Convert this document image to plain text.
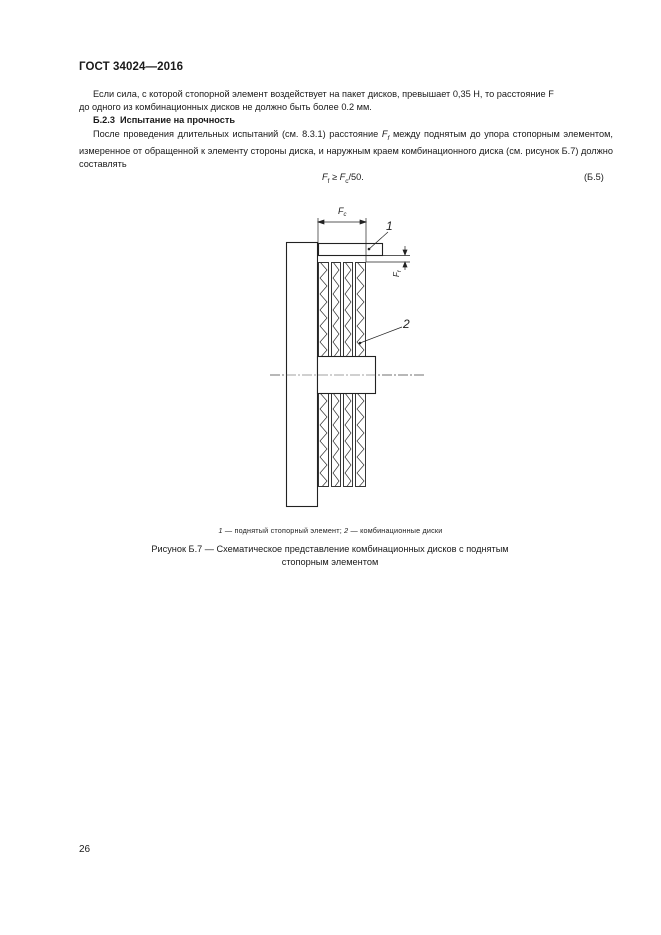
ГОСТ 34024—2016
Если сила, с которой стопорной элемент воздействует на пакет дисков, превышает 0,35 Н, то расстояние F
до одного из комбинационных дисков не должно быть более 0.2 мм.
Б.2.3 Испытание на прочность
После проведения длительных испытаний (см. 8.3.1) расстояние $F_f$ между поднятым до упора стопорным элементом, измеренное от обращенной к элементу стороны диска, и наружным краем комбинационного диска (см. рисунок Б.7) должно составлять
$F_f \ge F_c/50$.	(Б.5)
$F_c$
$F_f$
1
2
1 — поднятый стопорный элемент; 2 — комбинационные диски
Рисунок Б.7 — Схематическое представление комбинационных дисков с поднятым
стопорным элементом
26
